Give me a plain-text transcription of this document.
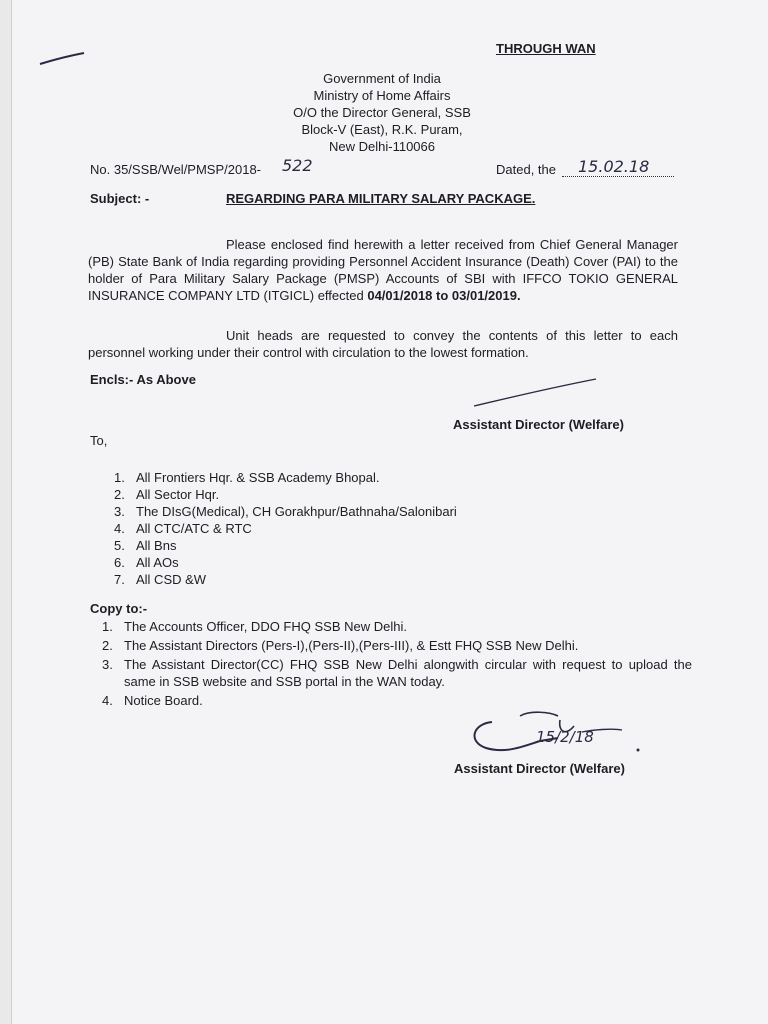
THROUGH WAN
Government of India
Ministry of Home Affairs
O/O the Director General, SSB
Block-V (East), R.K. Puram,
New Delhi-110066
No. 35/SSB/Wel/PMSP/2018- 522	Dated, the 15.02.18
Subject: -	REGARDING PARA MILITARY SALARY PACKAGE.
Please enclosed find herewith a letter received from Chief General Manager (PB) State Bank of India regarding providing Personnel Accident Insurance (Death) Cover (PAI) to the holder of Para Military Salary Package (PMSP) Accounts of SBI with IFFCO TOKIO GENERAL INSURANCE COMPANY LTD (ITGICL) effected 04/01/2018 to 03/01/2019.
Unit heads are requested to convey the contents of this letter to each personnel working under their control with circulation to the lowest formation.
Encls:- As Above
Assistant Director (Welfare)
To,
1. All Frontiers Hqr. & SSB Academy Bhopal.
2. All Sector Hqr.
3. The DIsG(Medical), CH Gorakhpur/Bathnaha/Salonibari
4. All CTC/ATC & RTC
5. All Bns
6. All AOs
7. All CSD &W
Copy to:-
1. The Accounts Officer, DDO FHQ SSB New Delhi.
2. The Assistant Directors (Pers-I),(Pers-II),(Pers-III), & Estt FHQ SSB New Delhi.
3. The Assistant Director(CC) FHQ SSB New Delhi alongwith circular with request to upload the same in SSB website and SSB portal in the WAN today.
4. Notice Board.
15/2/18
Assistant Director (Welfare)
